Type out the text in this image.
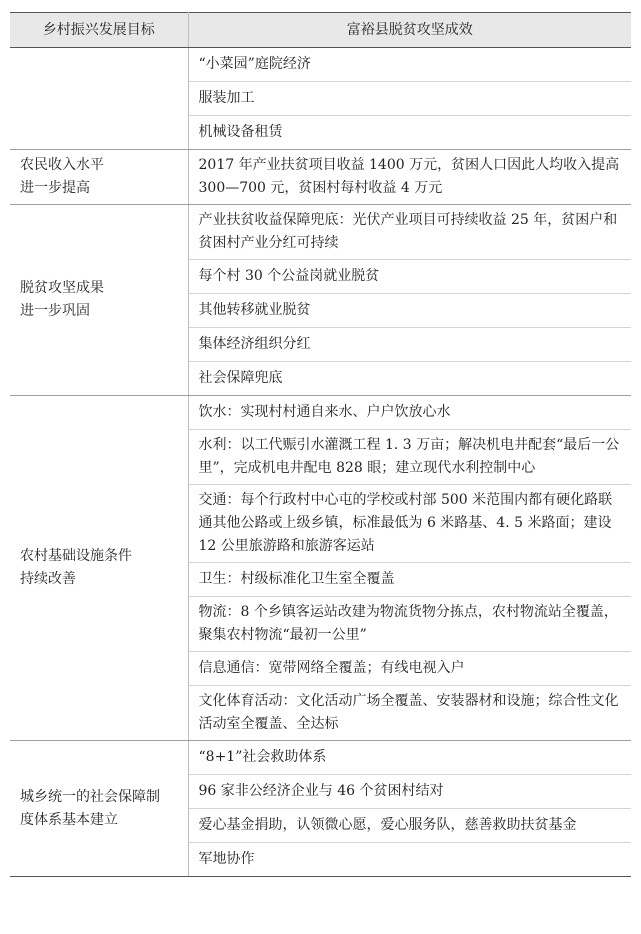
乡村振兴发展目标	富裕县脱贫攻坚成效
	“小菜园”庭院经济
	服装加工
	机械设备租赁
农民收入水平
进一步提高	2017 年产业扶贫项目收益 1400 万元，贫困人口因此人均收入提高 300—700 元，贫困村每村收益 4 万元
脱贫攻坚成果
进一步巩固	产业扶贫收益保障兜底：光伏产业项目可持续收益 25 年，贫困户和贫困村产业分红可持续
	每个村 30 个公益岗就业脱贫
	其他转移就业脱贫
	集体经济组织分红
	社会保障兜底
农村基础设施条件
持续改善	饮水：实现村村通自来水、户户饮放心水
	水利：以工代赈引水灌溉工程 1. 3 万亩；解决机电井配套“最后一公里”，完成机电井配电 828 眼；建立现代水利控制中心
	交通：每个行政村中心屯的学校或村部 500 米范围内都有硬化路联通其他公路或上级乡镇，标准最低为 6 米路基、4. 5 米路面；建设 12 公里旅游路和旅游客运站
	卫生：村级标准化卫生室全覆盖
	物流：8 个乡镇客运站改建为物流货物分拣点，农村物流站全覆盖，聚集农村物流“最初一公里”
	信息通信：宽带网络全覆盖；有线电视入户
	文化体育活动：文化活动广场全覆盖、安装器材和设施；综合性文化活动室全覆盖、全达标
城乡统一的社会保障制
度体系基本建立	“8+1”社会救助体系
	96 家非公经济企业与 46 个贫困村结对
	爱心基金捐助，认领微心愿，爱心服务队，慈善救助扶贫基金
	军地协作
